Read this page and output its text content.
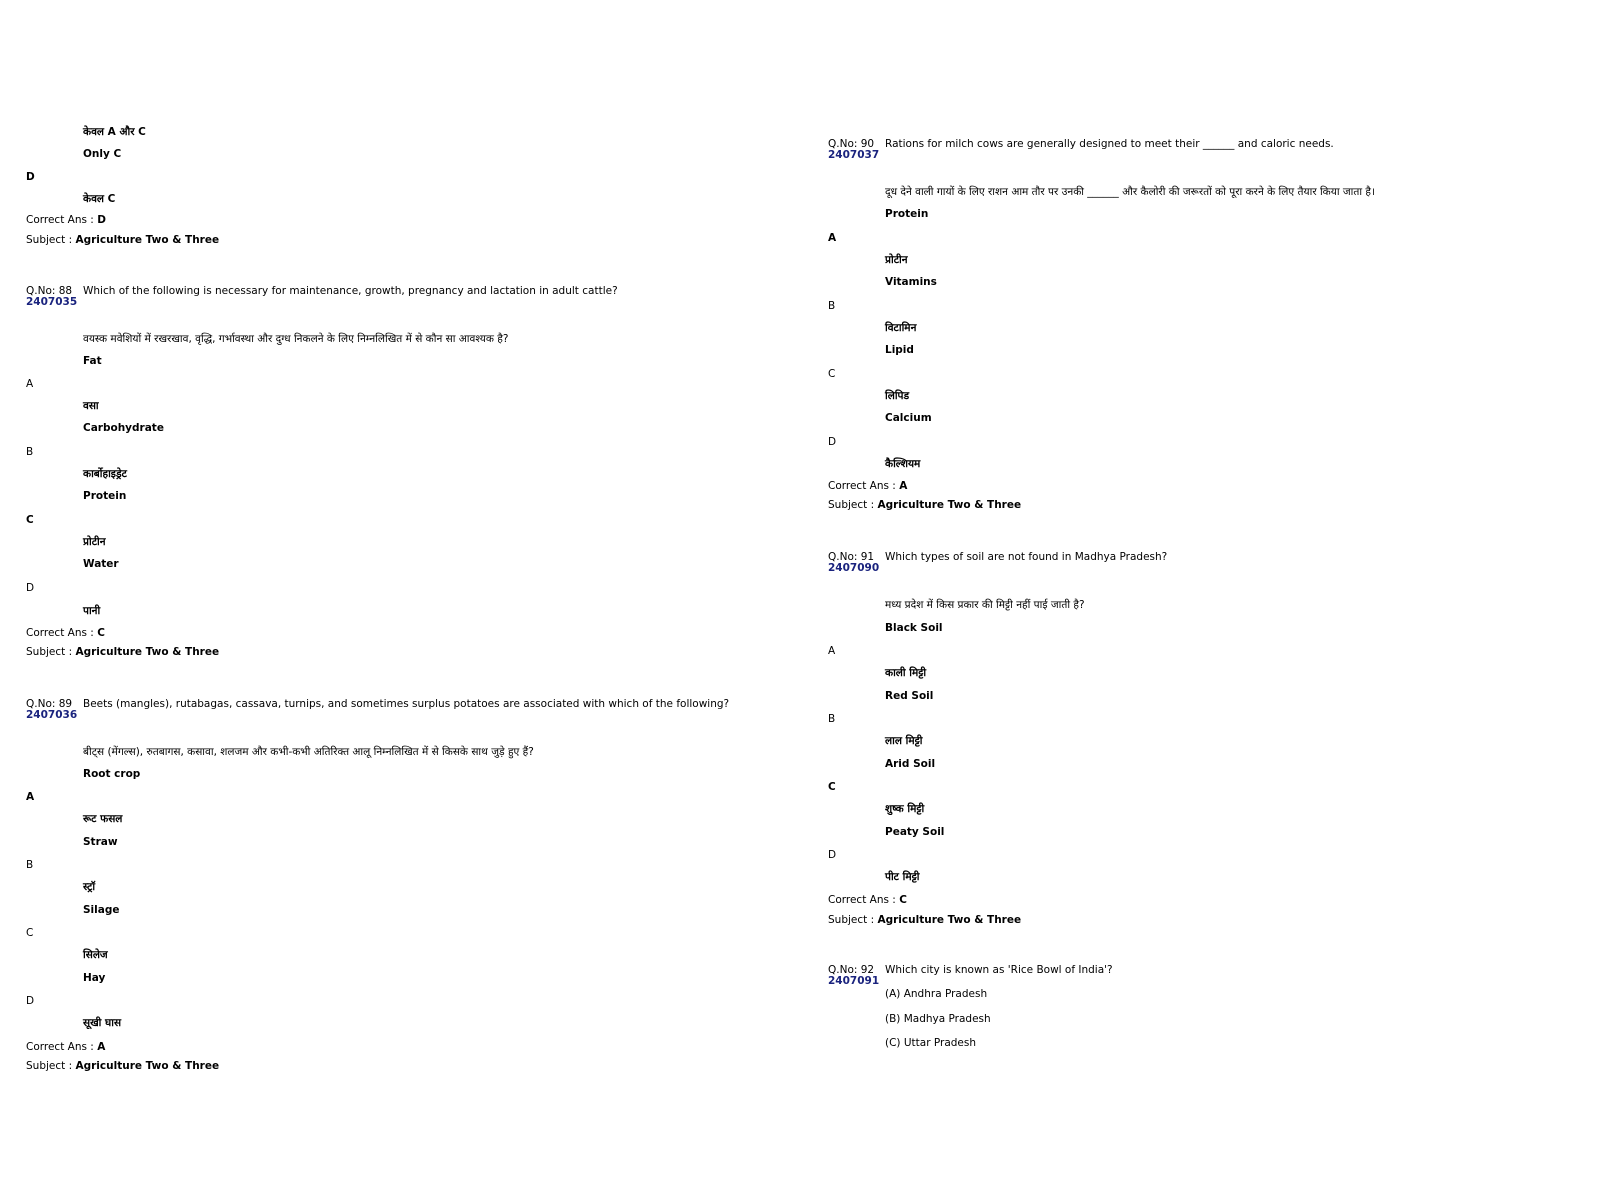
केवल A और C
Only C
D
केवल C
Correct Ans : D
Subject : Agriculture Two & Three
Q.No: 88
2407035
Which of the following is necessary for maintenance, growth, pregnancy and lactation in adult cattle?
वयस्क मवेशियों में रखरखाव, वृद्धि, गर्भावस्था और दुग्ध निकलने के लिए निम्नलिखित में से कौन सा आवश्यक है?
Fat
A
वसा
Carbohydrate
B
कार्बोहाइड्रेट
Protein
C
प्रोटीन
Water
D
पानी
Correct Ans : C
Subject : Agriculture Two & Three
Q.No: 89
2407036
Beets (mangles), rutabagas, cassava, turnips, and sometimes surplus potatoes are associated with which of the following?
बीट्स (मेंगल्स), रुतबागस, कसावा, शलजम और कभी-कभी अतिरिक्त आलू निम्नलिखित में से किसके साथ जुड़े हुए हैं?
Root crop
A
रूट फसल
Straw
B
स्ट्रॉ
Silage
C
सिलेज
Hay
D
सूखी घास
Correct Ans : A
Subject : Agriculture Two & Three
Q.No: 90
2407037
Rations for milch cows are generally designed to meet their ______ and caloric needs.
दूध देने वाली गायों के लिए राशन आम तौर पर उनकी ______ और कैलोरी की जरूरतों को पूरा करने के लिए तैयार किया जाता है।
Protein
A
प्रोटीन
Vitamins
B
विटामिन
Lipid
C
लिपिड
Calcium
D
कैल्शियम
Correct Ans : A
Subject : Agriculture Two & Three
Q.No: 91
2407090
Which types of soil are not found in Madhya Pradesh?
मध्य प्रदेश में किस प्रकार की मिट्टी नहीं पाई जाती है?
Black Soil
A
काली मिट्टी
Red Soil
B
लाल मिट्टी
Arid Soil
C
शुष्क मिट्टी
Peaty Soil
D
पीट मिट्टी
Correct Ans : C
Subject : Agriculture Two & Three
Q.No: 92
2407091
Which city is known as 'Rice Bowl of India'?
(A) Andhra Pradesh
(B) Madhya Pradesh
(C) Uttar Pradesh
